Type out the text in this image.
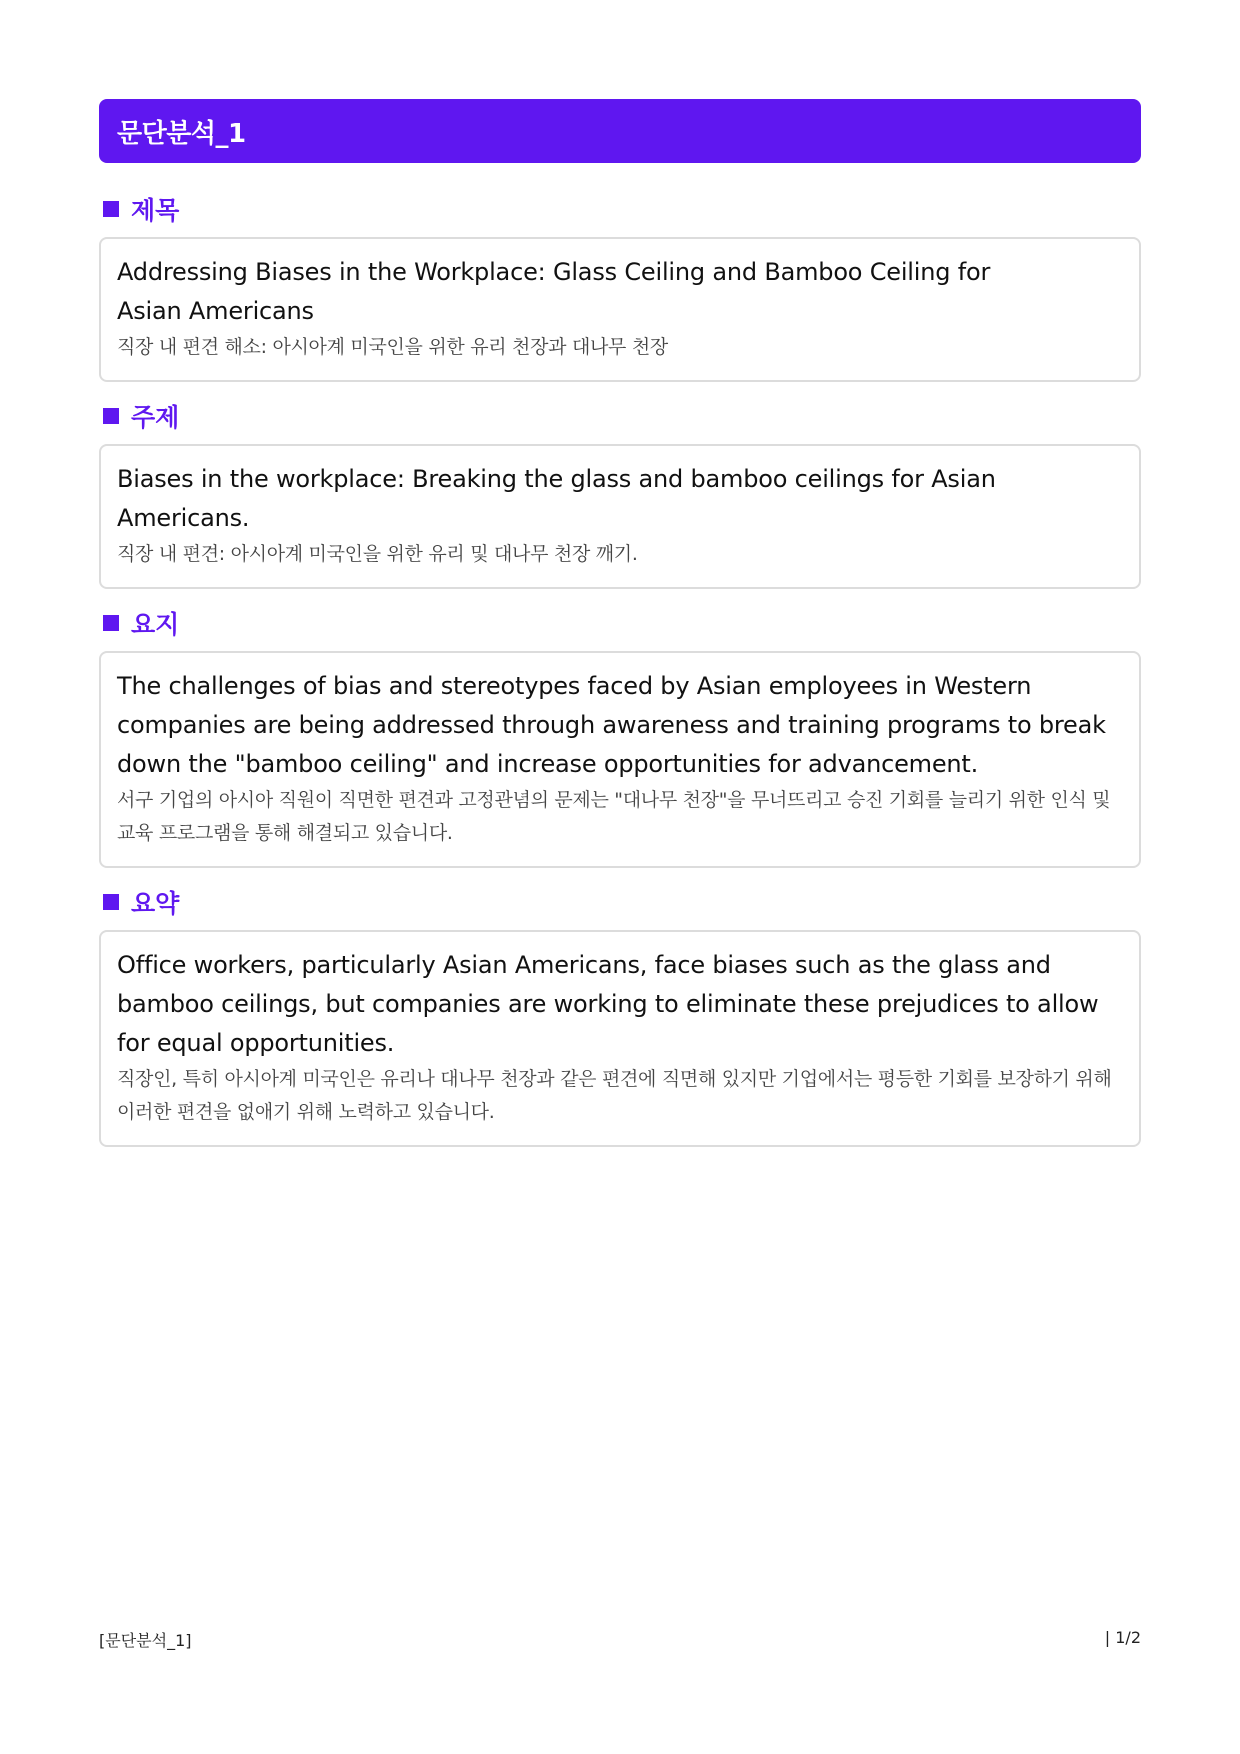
문단분석_1
제목
Addressing Biases in the Workplace: Glass Ceiling and Bamboo Ceiling for Asian Americans
직장 내 편견 해소: 아시아계 미국인을 위한 유리 천장과 대나무 천장
주제
Biases in the workplace: Breaking the glass and bamboo ceilings for Asian Americans.
직장 내 편견: 아시아계 미국인을 위한 유리 및 대나무 천장 깨기.
요지
The challenges of bias and stereotypes faced by Asian employees in Western companies are being addressed through awareness and training programs to break down the "bamboo ceiling" and increase opportunities for advancement.
서구 기업의 아시아 직원이 직면한 편견과 고정관념의 문제는 "대나무 천장"을 무너뜨리고 승진 기회를 늘리기 위한 인식 및 교육 프로그램을 통해 해결되고 있습니다.
요약
Office workers, particularly Asian Americans, face biases such as the glass and bamboo ceilings, but companies are working to eliminate these prejudices to allow for equal opportunities.
직장인, 특히 아시아계 미국인은 유리나 대나무 천장과 같은 편견에 직면해 있지만 기업에서는 평등한 기회를 보장하기 위해 이러한 편견을 없애기 위해 노력하고 있습니다.
[문단분석_1]	| 1/2
